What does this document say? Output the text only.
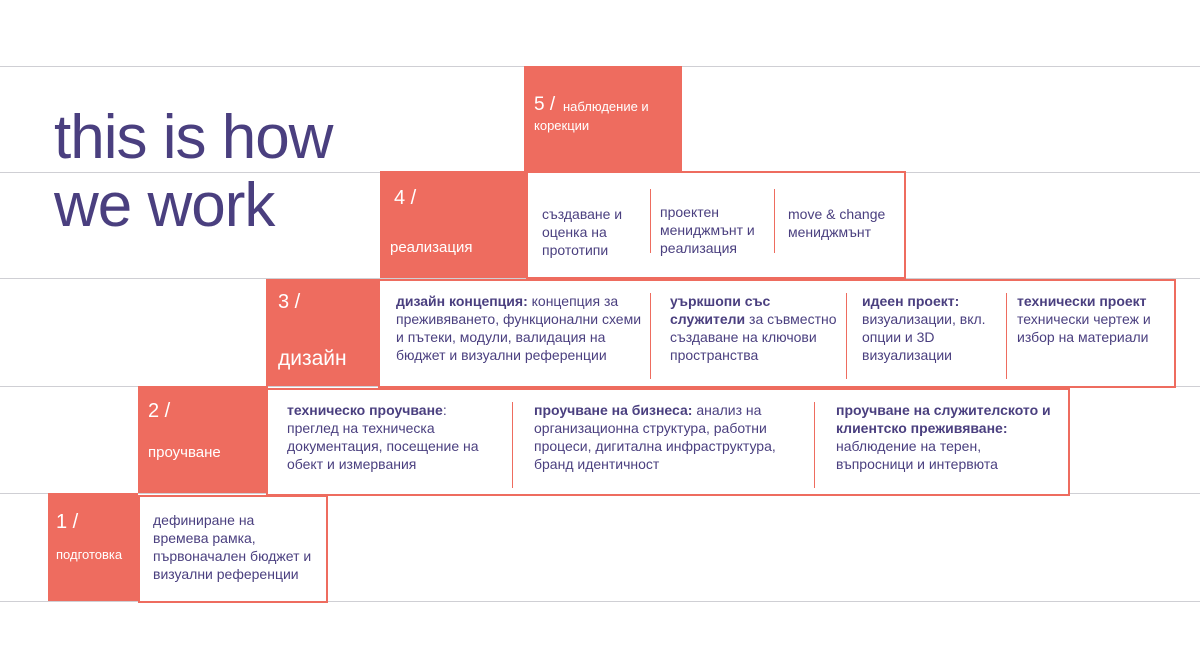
this is how
we work
1 /
подготовка
дефиниране на времева рамка, първоначален бюджет и визуални референции
2 /
проучване
техническо проучване: преглед на техническа документация, посещение на обект и измервания
проучване на бизнеса: анализ на организационна структура, работни процеси, дигитална инфраструктура, бранд идентичност
проучване на служителското и клиентско преживяване: наблюдение на терен, въпросници и интервюта
3 /
дизайн
дизайн концепция: концепция за преживяването, функционални схеми и пътеки, модули, валидация на бюджет и визуални референции
уъркшопи със служители за съвместно създаване на ключови пространства
идеен проект: визуализации, вкл. опции и 3D визуализации
технически проект технически чертеж и избор на материали
4 /
реализация
създаване и оценка на прототипи
проектен мениджмънт и реализация
move & change мениджмънт
5 / наблюдение и корекции
